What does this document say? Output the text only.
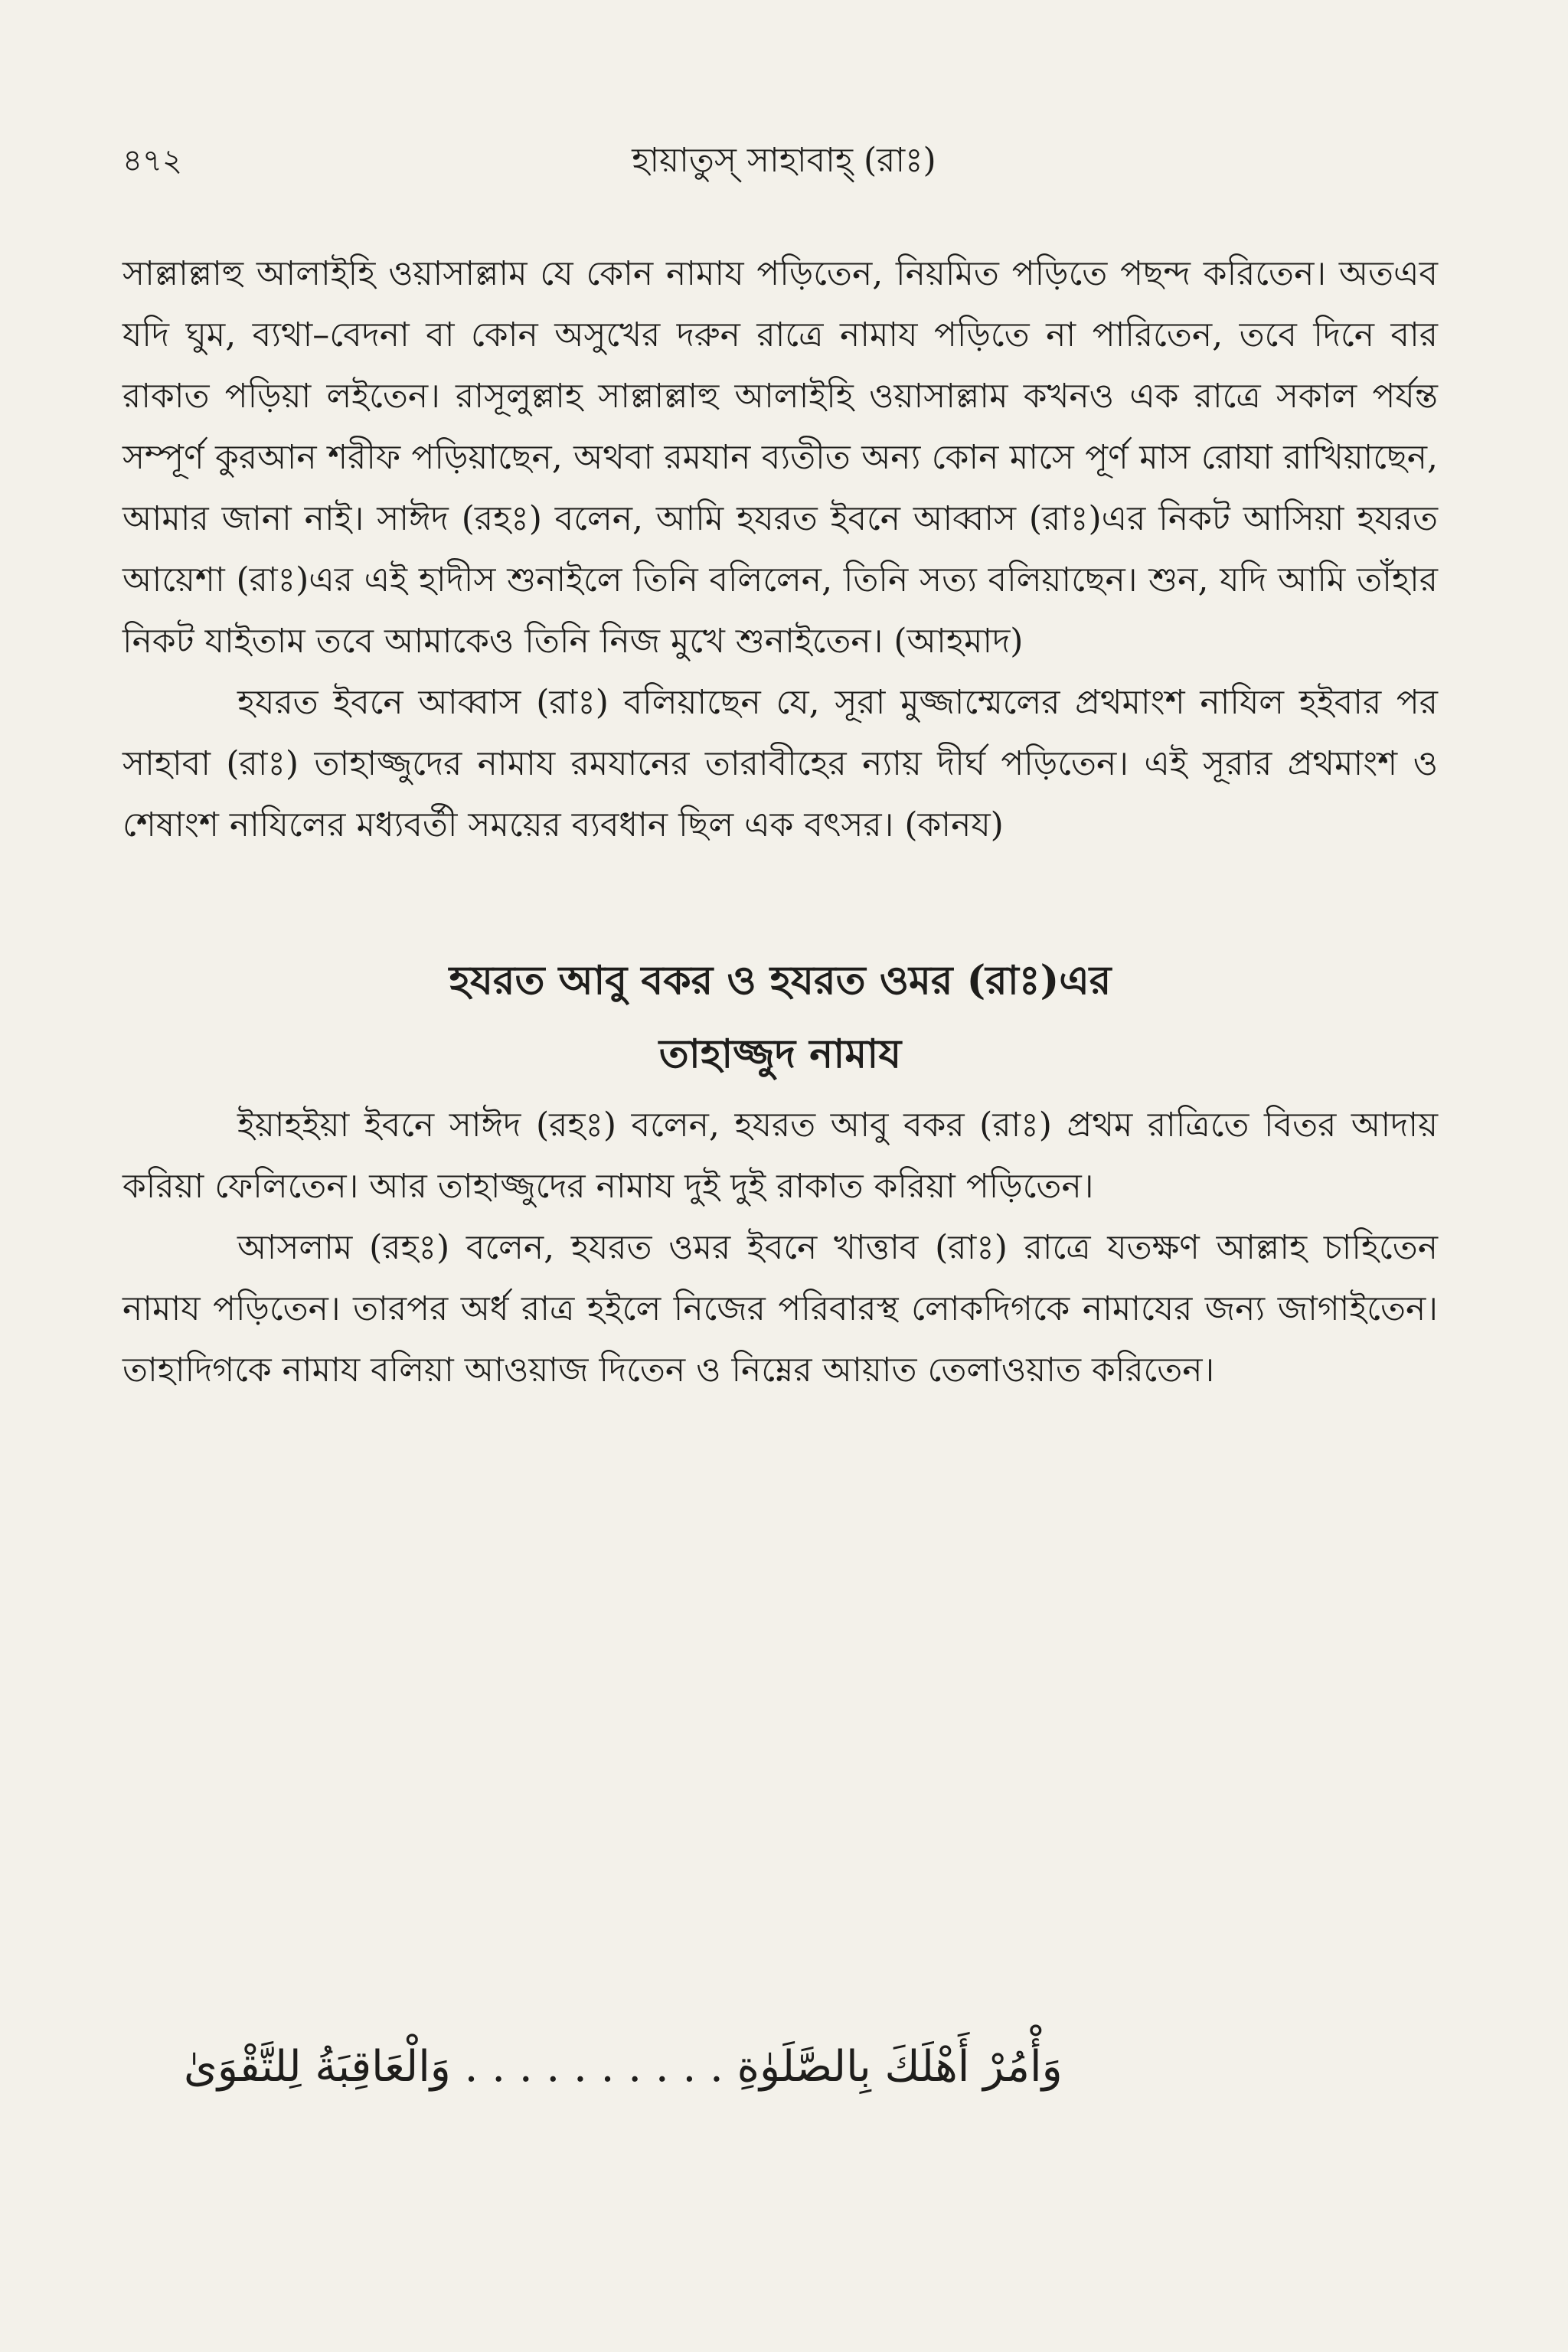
৪৭২	হায়াতুস্ সাহাবাহ্ (রাঃ)

সাল্লাল্লাহু আলাইহি ওয়াসাল্লাম যে কোন নামায পড়িতেন, নিয়মিত পড়িতে পছন্দ করিতেন। অতএব যদি ঘুম, ব্যথা–বেদনা বা কোন অসুখের দরুন রাত্রে নামায পড়িতে না পারিতেন, তবে দিনে বার রাকাত পড়িয়া লইতেন। রাসূলুল্লাহ সাল্লাল্লাহু আলাইহি ওয়াসাল্লাম কখনও এক রাত্রে সকাল পর্যন্ত সম্পূর্ণ কুরআন শরীফ পড়িয়াছেন, অথবা রমযান ব্যতীত অন্য কোন মাসে পূর্ণ মাস রোযা রাখিয়াছেন, আমার জানা নাই। সাঈদ (রহঃ) বলেন, আমি হযরত ইবনে আব্বাস (রাঃ)এর নিকট আসিয়া হযরত আয়েশা (রাঃ)এর এই হাদীস শুনাইলে তিনি বলিলেন, তিনি সত্য বলিয়াছেন। শুন, যদি আমি তাঁহার নিকট যাইতাম তবে আমাকেও তিনি নিজ মুখে শুনাইতেন। (আহমাদ)

হযরত ইবনে আব্বাস (রাঃ) বলিয়াছেন যে, সূরা মুজ্জাম্মেলের প্রথমাংশ নাযিল হইবার পর সাহাবা (রাঃ) তাহাজ্জুদের নামায রমযানের তারাবীহের ন্যায় দীর্ঘ পড়িতেন। এই সূরার প্রথমাংশ ও শেষাংশ নাযিলের মধ্যবর্তী সময়ের ব্যবধান ছিল এক বৎসর। (কানয)

হযরত আবু বকর ও হযরত ওমর (রাঃ)এর

তাহাজ্জুদ নামায

ইয়াহইয়া ইবনে সাঈদ (রহঃ) বলেন, হযরত আবু বকর (রাঃ) প্রথম রাত্রিতে বিতর আদায় করিয়া ফেলিতেন। আর তাহাজ্জুদের নামায দুই দুই রাকাত করিয়া পড়িতেন।

আসলাম (রহঃ) বলেন, হযরত ওমর ইবনে খাত্তাব (রাঃ) রাত্রে যতক্ষণ আল্লাহ চাহিতেন নামায পড়িতেন। তারপর অর্ধ রাত্র হইলে নিজের পরিবারস্থ লোকদিগকে নামাযের জন্য জাগাইতেন। তাহাদিগকে নামায বলিয়া আওয়াজ দিতেন ও নিম্নের আয়াত তেলাওয়াত করিতেন।

وَأْمُرْ أَهْلَكَ بِالصَّلَوٰةِ . . . . . . . . . . وَالْعَاقِبَةُ لِلتَّقْوَىٰ
